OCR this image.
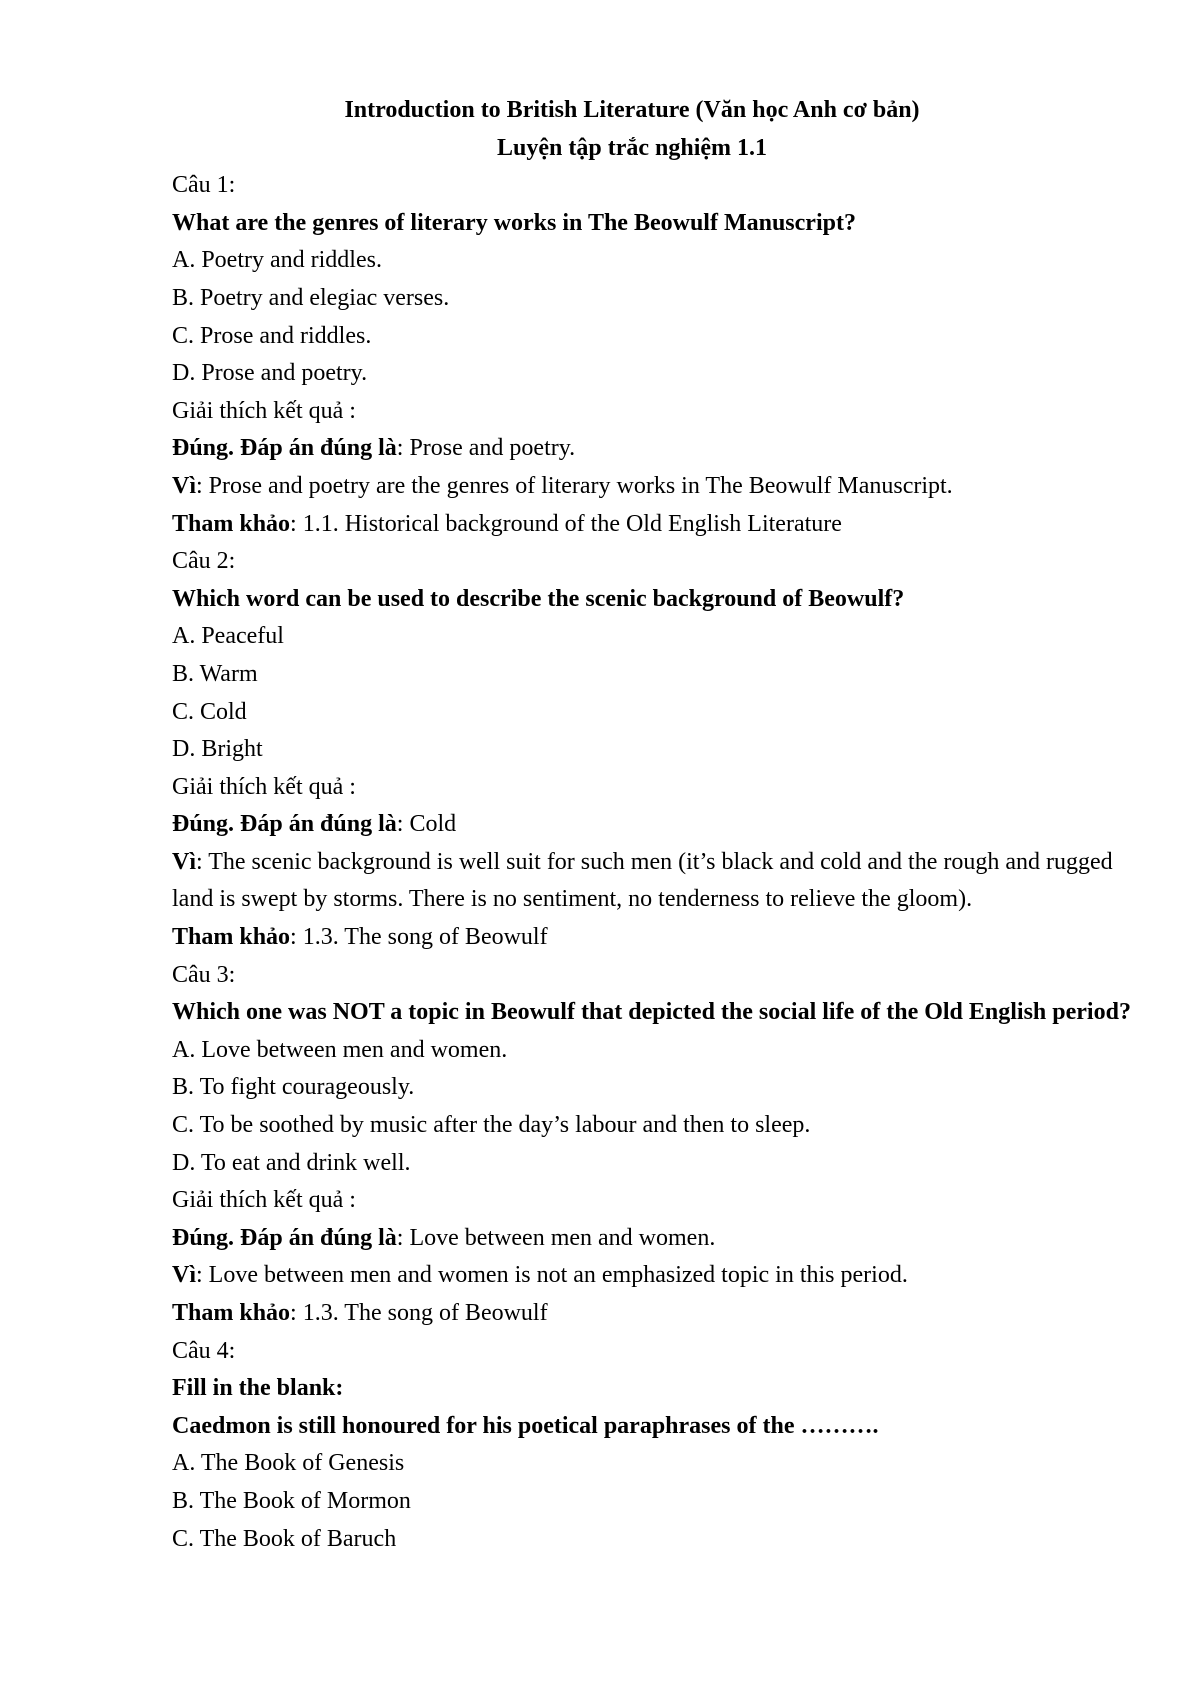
Introduction to British Literature (Văn học Anh cơ bản)
Luyện tập trắc nghiệm 1.1
Câu 1:
What are the genres of literary works in The Beowulf Manuscript?
A. Poetry and riddles.
B. Poetry and elegiac verses.
C. Prose and riddles.
D. Prose and poetry.
Giải thích kết quả :
Đúng. Đáp án đúng là: Prose and poetry.
Vì: Prose and poetry are the genres of literary works in The Beowulf Manuscript.
Tham khảo: 1.1. Historical background of the Old English Literature
Câu 2:
Which word can be used to describe the scenic background of Beowulf?
A. Peaceful
B. Warm
C. Cold
D. Bright
Giải thích kết quả :
Đúng. Đáp án đúng là: Cold
Vì: The scenic background is well suit for such men (it’s black and cold and the rough and rugged land is swept by storms. There is no sentiment, no tenderness to relieve the gloom).
Tham khảo: 1.3. The song of Beowulf
Câu 3:
Which one was NOT a topic in Beowulf that depicted the social life of the Old English period?
A. Love between men and women.
B. To fight courageously.
C. To be soothed by music after the day’s labour and then to sleep.
D. To eat and drink well.
Giải thích kết quả :
Đúng. Đáp án đúng là: Love between men and women.
Vì: Love between men and women is not an emphasized topic in this period.
Tham khảo: 1.3. The song of Beowulf
Câu 4:
Fill in the blank:
Caedmon is still honoured for his poetical paraphrases of the ……….
A. The Book of Genesis
B. The Book of Mormon
C. The Book of Baruch
